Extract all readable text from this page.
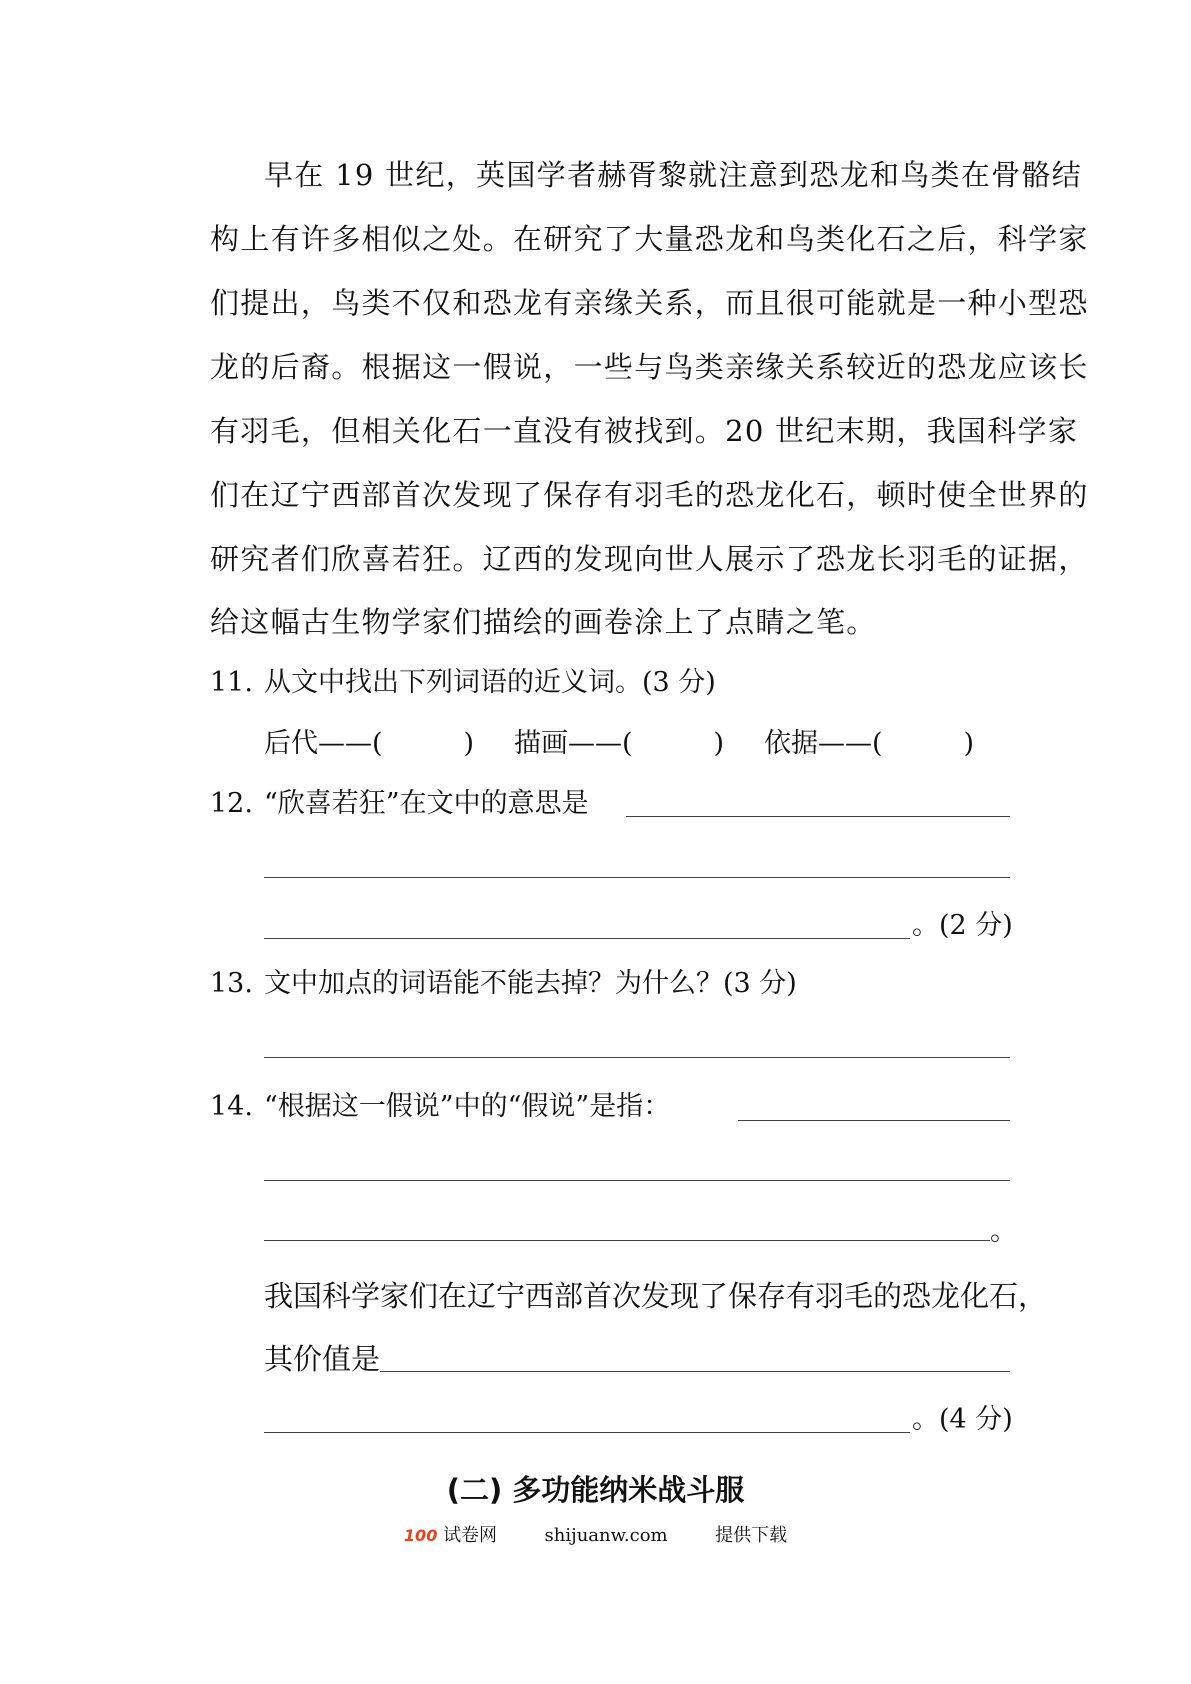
早在 19 世纪，英国学者赫胥黎就注意到恐龙和鸟类在骨骼结
构上有许多相似之处。在研究了大量恐龙和鸟类化石之后，科学家
们提出，鸟类不仅和恐龙有亲缘关系，而且很可能就是一种小型恐
龙的后裔。根据这一假说，一些与鸟类亲缘关系较近的恐龙应该长
有羽毛，但相关化石一直没有被找到。20 世纪末期，我国科学家
们在辽宁西部首次发现了保存有羽毛的恐龙化石，顿时使全世界的
研究者们欣喜若狂。辽西的发现向世人展示了恐龙长羽毛的证据，
给这幅古生物学家们描绘的画卷涂上了点睛之笔。
11. 从文中找出下列词语的近义词。(3 分)
后代——(　　　) 描画——(　　　) 依据——(　　　)
12. “欣喜若狂”在文中的意思是
。(2 分)
13. 文中加点的词语能不能去掉？为什么？(3 分)
14. “根据这一假说”中的“假说”是指：
。
我国科学家们在辽宁西部首次发现了保存有羽毛的恐龙化石，
其价值是
。(4 分)
(二) 多功能纳米战斗服
100 试卷网	shijuanw.com	提供下载
